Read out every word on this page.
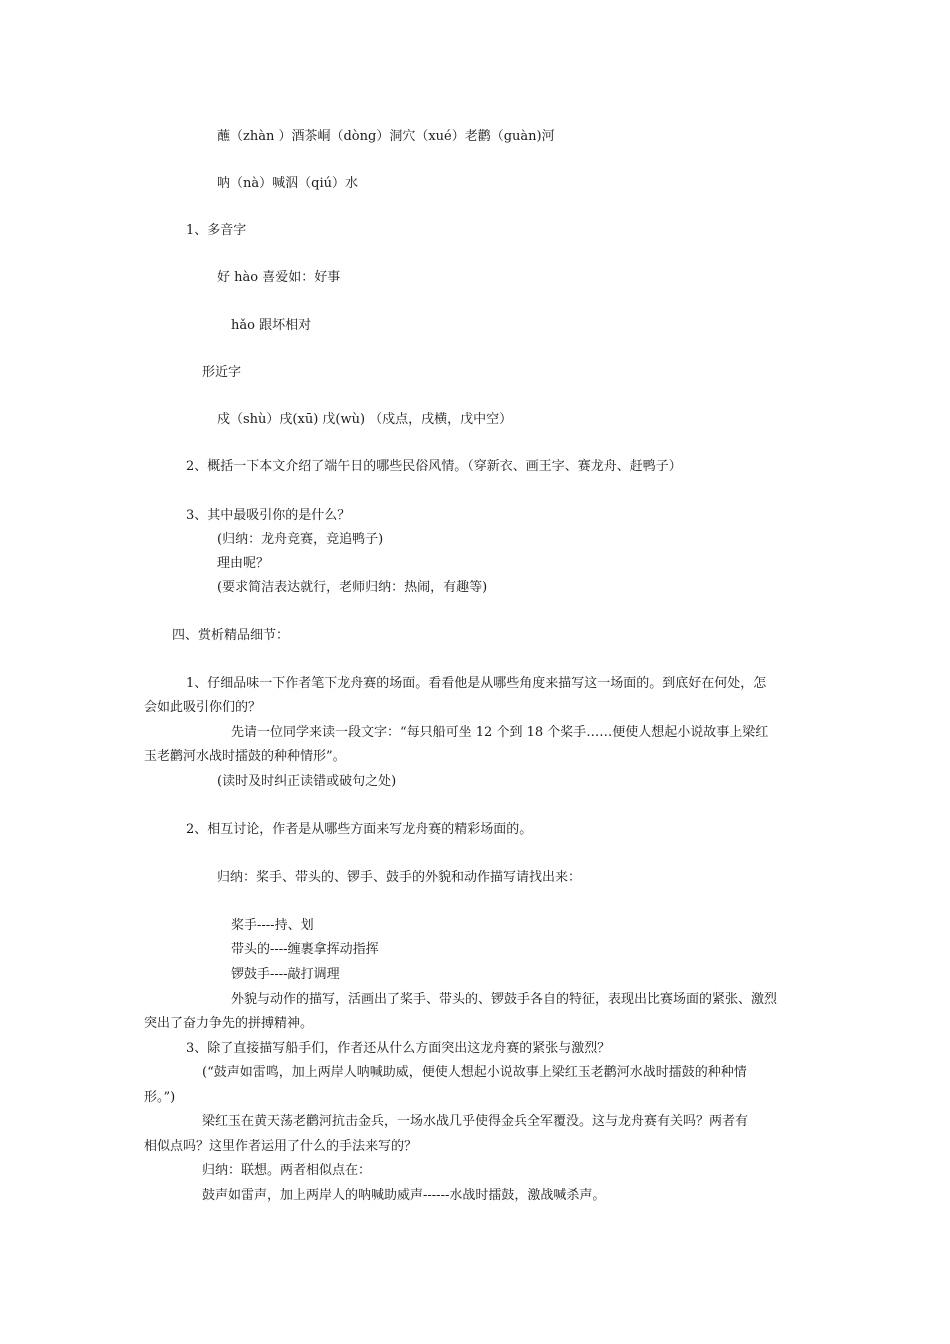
蘸（zhàn ）酒茶峒（dòng）洞穴（xué）老鹳（guàn)河
呐（nà）喊泅（qiú）水
1、多音字
好 hào 喜爱如：好事
hǎo 跟坏相对
形近字
戍（shù）戌(xū) 戊(wù) （戍点，戌横，戊中空）
2、概括一下本文介绍了端午日的哪些民俗风情。（穿新衣、画王字、赛龙舟、赶鸭子）
3、其中最吸引你的是什么？
(归纳：龙舟竞赛，竞追鸭子)
理由呢？
(要求简洁表达就行，老师归纳：热闹，有趣等)
四、赏析精品细节：
1、仔细品味一下作者笔下龙舟赛的场面。看看他是从哪些角度来描写这一场面的。到底好在何处，怎
会如此吸引你们的？
先请一位同学来读一段文字：“每只船可坐 12 个到 18 个桨手……便使人想起小说故事上梁红
玉老鹳河水战时擂鼓的种种情形”。
(读时及时纠正读错或破句之处)
2、相互讨论，作者是从哪些方面来写龙舟赛的精彩场面的。
归纳：桨手、带头的、锣手、鼓手的外貌和动作描写请找出来：
桨手----持、划
带头的----缠裹拿挥动指挥
锣鼓手----敲打调理
外貌与动作的描写，活画出了桨手、带头的、锣鼓手各自的特征，表现出比赛场面的紧张、激烈
突出了奋力争先的拼搏精神。
3、除了直接描写船手们，作者还从什么方面突出这龙舟赛的紧张与激烈？
(“鼓声如雷鸣，加上两岸人呐喊助威，便使人想起小说故事上梁红玉老鹳河水战时擂鼓的种种情
形。”)
梁红玉在黄天荡老鹳河抗击金兵，一场水战几乎使得金兵全军覆没。这与龙舟赛有关吗？两者有
相似点吗？这里作者运用了什么的手法来写的？
归纳：联想。两者相似点在：
鼓声如雷声，加上两岸人的呐喊助威声------水战时擂鼓，激战喊杀声。
